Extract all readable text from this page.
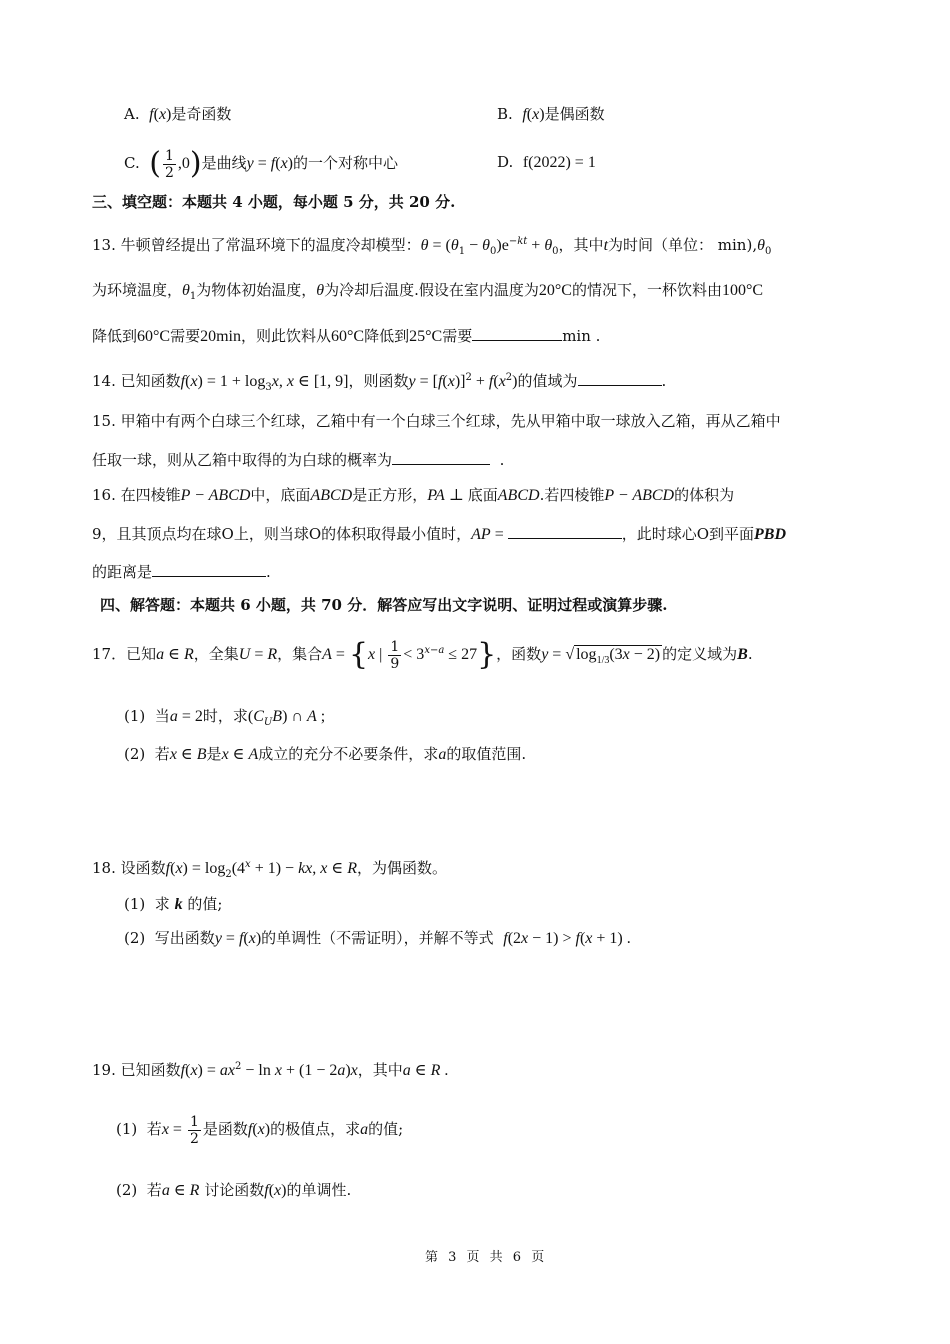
A. f(x)是奇函数	B. f(x)是偶函数
C. ( $\frac{1}{2} ,0$)是曲线y = f(x)的一个对称中心	D. f(2022) = 1
三、填空题：本题共 4 小题，每小题 5 分，共 20 分.
13. 牛顿曾经提出了常温环境下的温度冷却模型：$\theta = (\theta_1 - \theta_0)e^{-kt} + \theta_0$，其中t为时间（单位： $\min),\theta_0$
为环境温度，$\theta_1$为物体初始温度，θ为冷却后温度.假设在室内温度为20°C的情况下，一杯饮料由100°C
降低到60°C需要20min，则此饮料从60°C降低到25°C需要	min .
14. 已知函数$f(x) = 1 + \log_3x$, x ∈ [1, 9]，则函数$y = [f(x)]^2 + f(x^2)$的值域为	.
15. 甲箱中有两个白球三个红球，乙箱中有一个白球三个红球，先从甲箱中取一球放入乙箱，再从乙箱中
任取一球，则从乙箱中取得的为白球的概率为	.
16. 在四棱锥P − ABCD中，底面ABCD是正方形，PA ⊥ 底面ABCD.若四棱锥P − ABCD的体积为
9，且其顶点均在球O上，则当球O的体积取得最小值时，AP =	，此时球心O到平面PBD
的距离是	.
四、解答题：本题共 6 小题，共 70 分．解答应写出文字说明、证明过程或演算步骤.
17．已知a ∈ R，全集U = R，集合A = {x | $\frac{1}{9} < 3^{x-a} \le 27$}，函数y = √ $\log_{1/3}(3x - 2)$ 的定义域为B.
(1) 当a = 2时，求$(C_UB)$ ∩ A ;
(2) 若x ∈ B是x ∈ A成立的充分不必要条件，求a的取值范围.
18. 设函数$f(x) = \log_2(4^x + 1)$ − kx, x ∈ R，为偶函数。
(1) 求 k 的值;
(2) 写出函数y = f(x)的单调性（不需证明），并解不等式 f(2x − 1) > f(x + 1) .
19. 已知函数$f(x) = ax^2 - \ln x + (1 - 2a)x$，其中a ∈ R .
(1) 若$x = \frac{1}{2}$ 是函数f(x)的极值点，求a的值;
(2) 若a ∈ R 讨论函数f(x)的单调性.
第 3 页 共 6 页
